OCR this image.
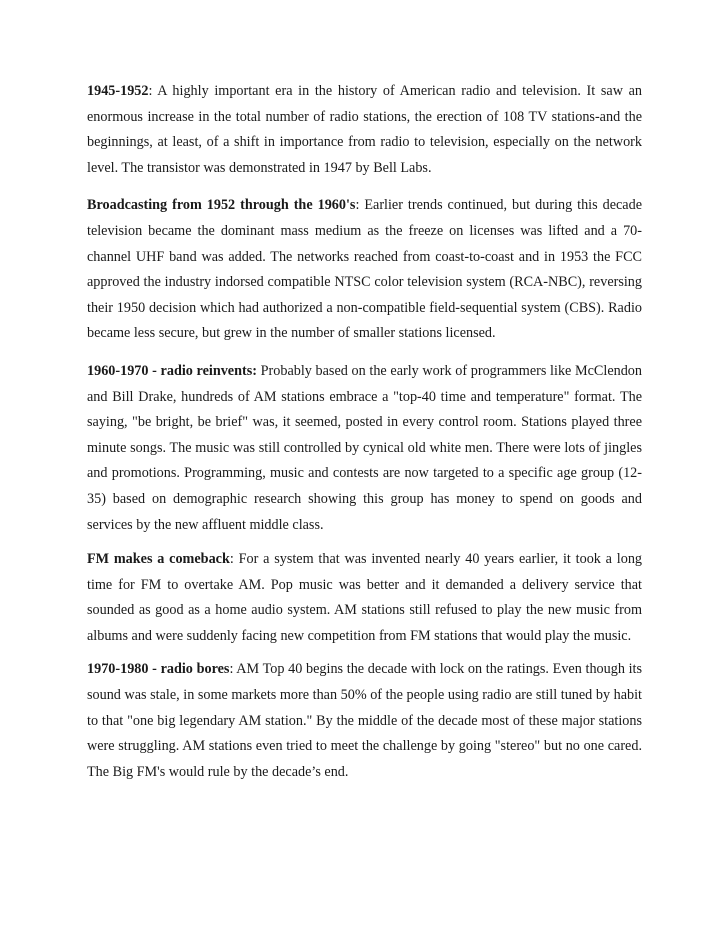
1945-1952: A highly important era in the history of American radio and television. It saw an enormous increase in the total number of radio stations, the erection of 108 TV stations-and the beginnings, at least, of a shift in importance from radio to television, especially on the network level. The transistor was demonstrated in 1947 by Bell Labs.

Broadcasting from 1952 through the 1960's: Earlier trends continued, but during this decade television became the dominant mass medium as the freeze on licenses was lifted and a 70-channel UHF band was added. The networks reached from coast-to-coast and in 1953 the FCC approved the industry indorsed compatible NTSC color television system (RCA-NBC), reversing their 1950 decision which had authorized a non-compatible field-sequential system (CBS). Radio became less secure, but grew in the number of smaller stations licensed.

1960-1970 - radio reinvents: Probably based on the early work of programmers like McClendon and Bill Drake, hundreds of AM stations embrace a "top-40 time and temperature" format. The saying, "be bright, be brief" was, it seemed, posted in every control room. Stations played three minute songs. The music was still controlled by cynical old white men. There were lots of jingles and promotions. Programming, music and contests are now targeted to a specific age group (12-35) based on demographic research showing this group has money to spend on goods and services by the new affluent middle class.

FM makes a comeback: For a system that was invented nearly 40 years earlier, it took a long time for FM to overtake AM. Pop music was better and it demanded a delivery service that sounded as good as a home audio system. AM stations still refused to play the new music from albums and were suddenly facing new competition from FM stations that would play the music.

1970-1980 - radio bores: AM Top 40 begins the decade with lock on the ratings. Even though its sound was stale, in some markets more than 50% of the people using radio are still tuned by habit to that "one big legendary AM station." By the middle of the decade most of these major stations were struggling. AM stations even tried to meet the challenge by going "stereo" but no one cared. The Big FM's would rule by the decade’s end.
